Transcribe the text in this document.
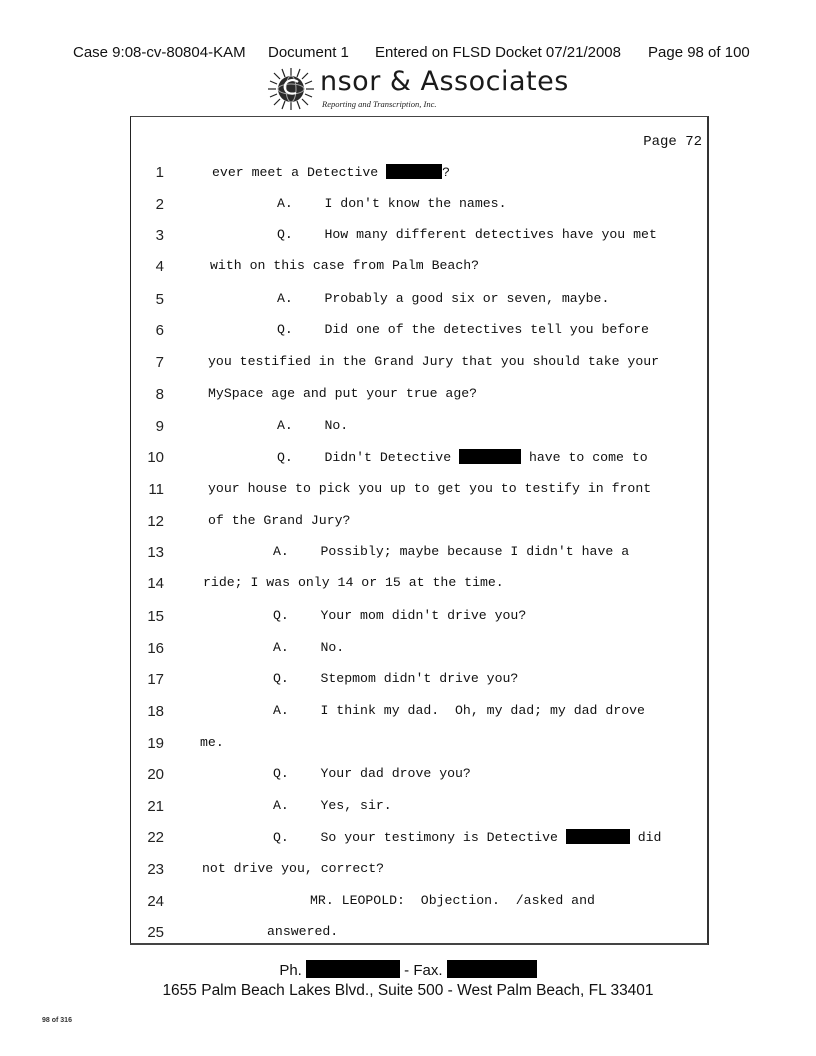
Case 9:08-cv-80804-KAM Document 1 Entered on FLSD Docket 07/21/2008 Page 98 of 100
nsor & Associates
Reporting and Transcription, Inc.
Page 72
1	ever meet a Detective	?
2	A.    I don't know the names.
3	Q.    How many different detectives have you met
4	with on this case from Palm Beach?
5	A.    Probably a good six or seven, maybe.
6	Q.    Did one of the detectives tell you before
7	you testified in the Grand Jury that you should take your
8	MySpace age and put your true age?
9	A.    No.
10	Q.    Didn't Detective	have to come to
11	your house to pick you up to get you to testify in front
12	of the Grand Jury?
13	A.    Possibly; maybe because I didn't have a
14	ride; I was only 14 or 15 at the time.
15	Q.    Your mom didn't drive you?
16	A.    No.
17	Q.    Stepmom didn't drive you?
18	A.    I think my dad.  Oh, my dad; my dad drove
19	me.
20	Q.    Your dad drove you?
21	A.    Yes, sir.
22	Q.    So your testimony is Detective	did
23	not drive you, correct?
24	MR. LEOPOLD:  Objection.  /asked and
25	answered.
Ph.	- Fax.
1655 Palm Beach Lakes Blvd., Suite 500 - West Palm Beach, FL 33401
98 of 316
